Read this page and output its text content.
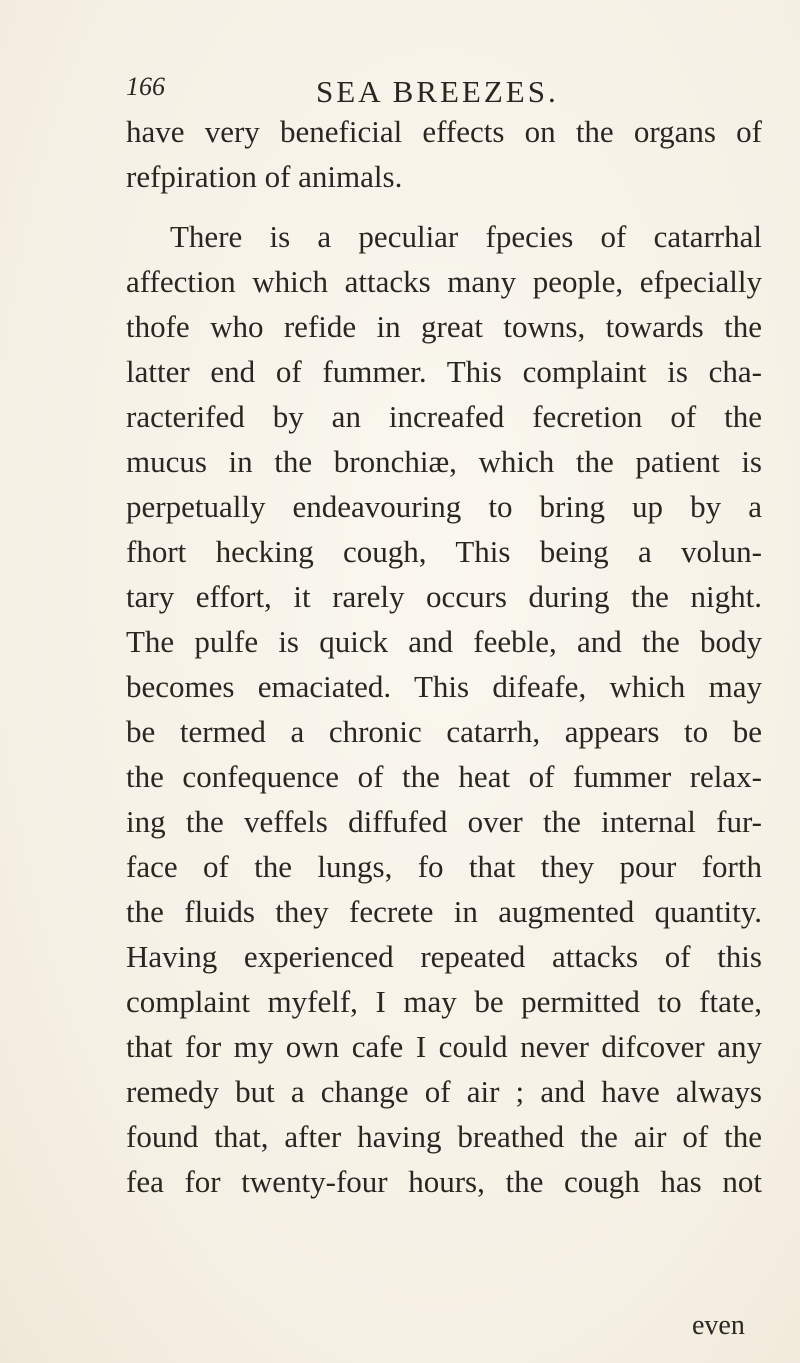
166	SEA BREEZES.
have very beneficial effects on the organs of
refpiration of animals.
There is a peculiar fpecies of catarrhal
affection which attacks many people, efpecially
thofe who refide in great towns, towards the
latter end of fummer. This complaint is cha-
racterifed by an increafed fecretion of the
mucus in the bronchiæ, which the patient is
perpetually endeavouring to bring up by a
fhort hecking cough, This being a volun-
tary effort, it rarely occurs during the night.
The pulfe is quick and feeble, and the body
becomes emaciated. This difeafe, which may
be termed a chronic catarrh, appears to be
the confequence of the heat of fummer relax-
ing the veffels diffufed over the internal fur-
face of the lungs, fo that they pour forth
the fluids they fecrete in augmented quantity.
Having experienced repeated attacks of this
complaint myfelf, I may be permitted to ftate,
that for my own cafe I could never difcover any
remedy but a change of air ; and have always
found that, after having breathed the air of the
fea for twenty-four hours, the cough has not
even
